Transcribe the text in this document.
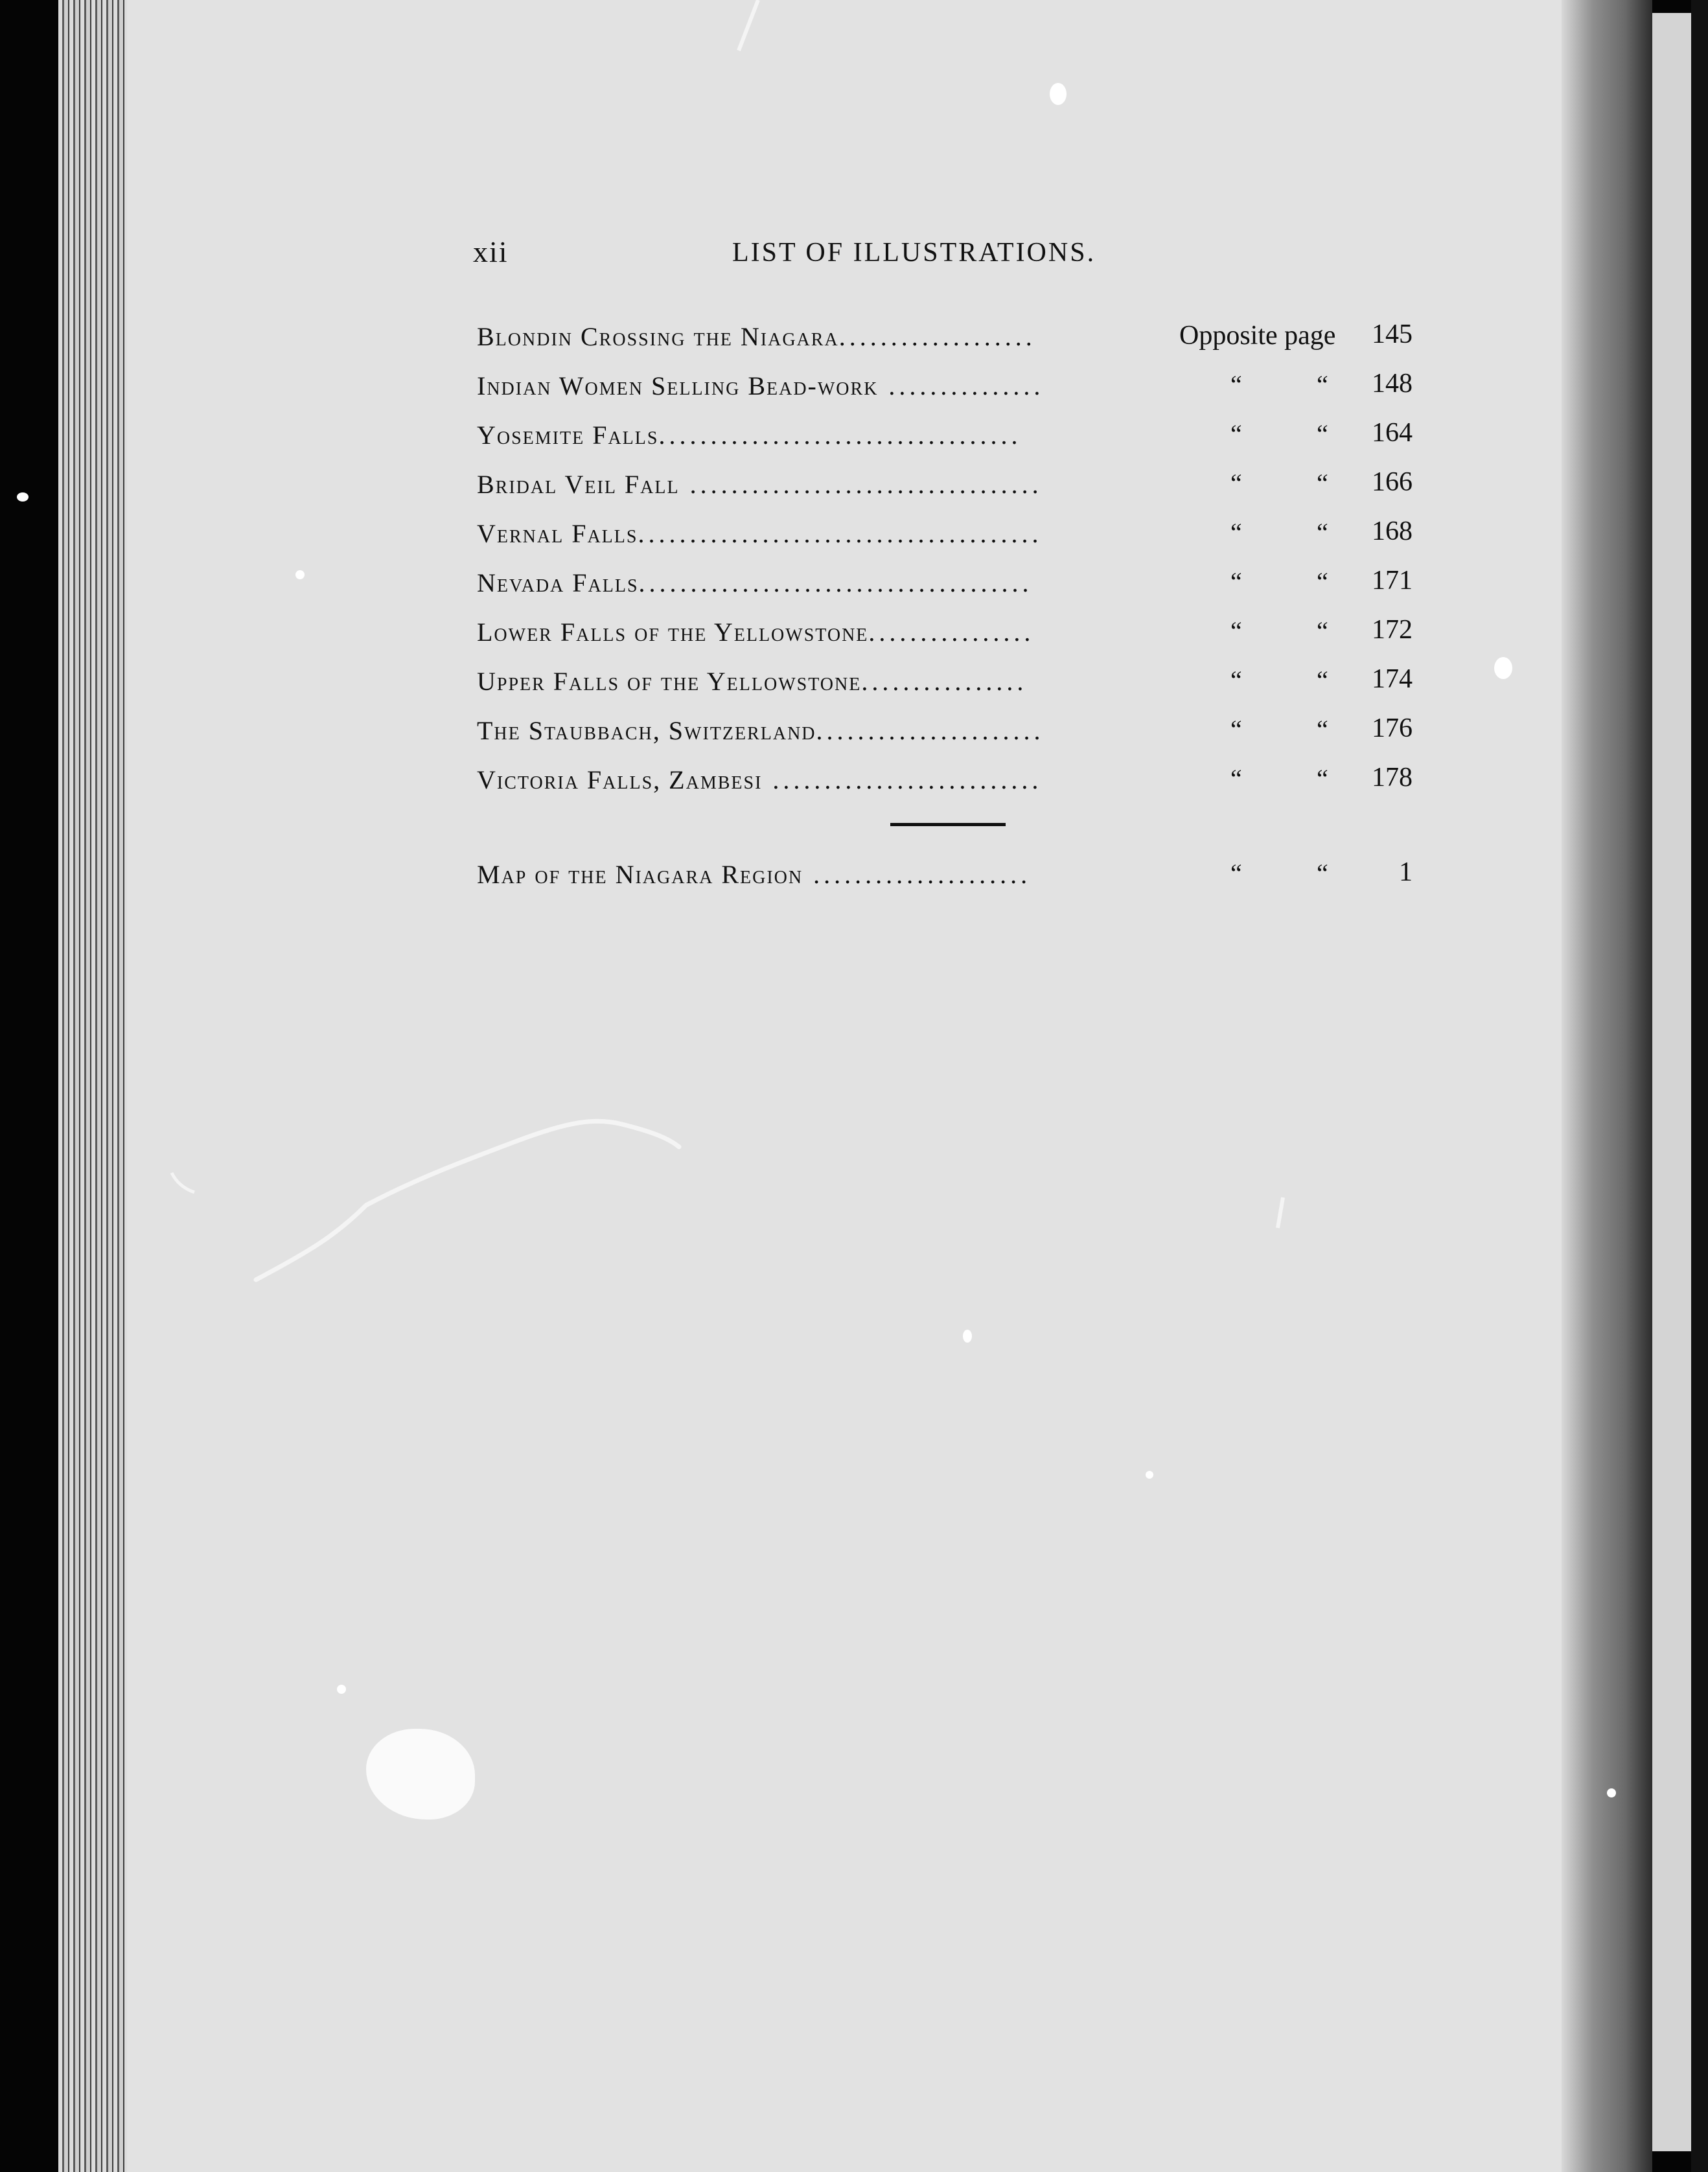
xii	LIST OF ILLUSTRATIONS.
Blondin Crossing the Niagara...................	Opposite page 145
Indian Women Selling Bead-work ...............	“	“ 148
Yosemite Falls...................................	“	“ 164
Bridal Veil Fall ..................................	“	“ 166
Vernal Falls.......................................	“	“ 168
Nevada Falls......................................	“	“ 171
Lower Falls of the Yellowstone................	“	“ 172
Upper Falls of the Yellowstone................	“	“ 174
The Staubbach, Switzerland......................	“	“ 176
Victoria Falls, Zambesi ..........................	“	“ 178
Map of the Niagara Region .....................	“	“	1
